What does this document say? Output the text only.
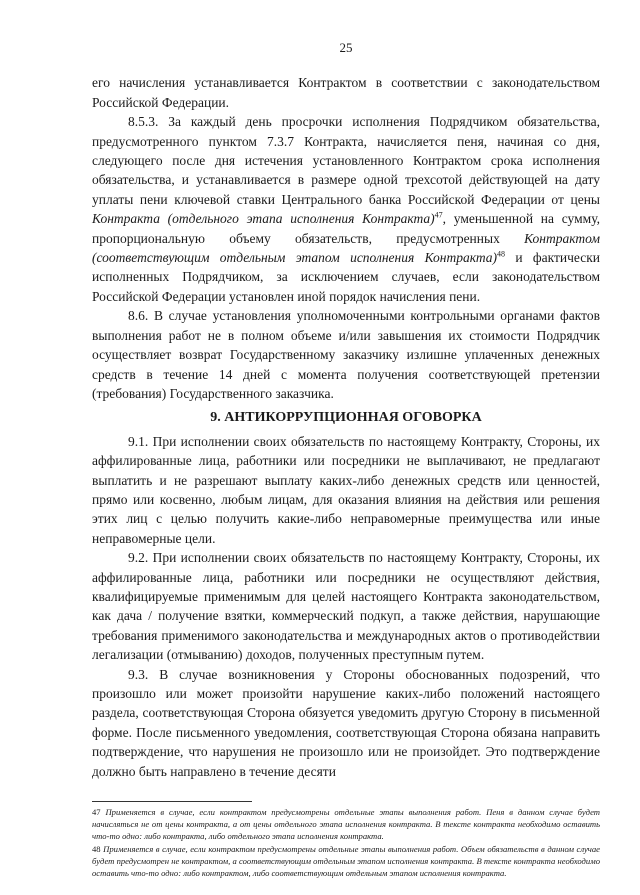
25

его начисления устанавливается Контрактом в соответствии с законодательством Российской Федерации.

8.5.3. За каждый день просрочки исполнения Подрядчиком обязательства, предусмотренного пунктом 7.3.7 Контракта, начисляется пеня, начиная со дня, следующего после дня истечения установленного Контрактом срока исполнения обязательства, и устанавливается в размере одной трехсотой действующей на дату уплаты пени ключевой ставки Центрального банка Российской Федерации от цены Контракта (отдельного этапа исполнения Контракта)$^{47}$, уменьшенной на сумму, пропорциональную объему обязательств, предусмотренных Контрактом (соответствующим отдельным этапом исполнения Контракта)$^{48}$ и фактически исполненных Подрядчиком, за исключением случаев, если законодательством Российской Федерации установлен иной порядок начисления пени.

8.6. В случае установления уполномоченными контрольными органами фактов выполнения работ не в полном объеме и/или завышения их стоимости Подрядчик осуществляет возврат Государственному заказчику излишне уплаченных денежных средств в течение 14 дней с момента получения соответствующей претензии (требования) Государственного заказчика.

9. АНТИКОРРУПЦИОННАЯ ОГОВОРКА

9.1. При исполнении своих обязательств по настоящему Контракту, Стороны, их аффилированные лица, работники или посредники не выплачивают, не предлагают выплатить и не разрешают выплату каких-либо денежных средств или ценностей, прямо или косвенно, любым лицам, для оказания влияния на действия или решения этих лиц с целью получить какие-либо неправомерные преимущества или иные неправомерные цели.

9.2. При исполнении своих обязательств по настоящему Контракту, Стороны, их аффилированные лица, работники или посредники не осуществляют действия, квалифицируемые применимым для целей настоящего Контракта законодательством, как дача / получение взятки, коммерческий подкуп, а также действия, нарушающие требования применимого законодательства и международных актов о противодействии легализации (отмыванию) доходов, полученных преступным путем.

9.3. В случае возникновения у Стороны обоснованных подозрений, что произошло или может произойти нарушение каких-либо положений настоящего раздела, соответствующая Сторона обязуется уведомить другую Сторону в письменной форме. После письменного уведомления, соответствующая Сторона обязана направить подтверждение, что нарушения не произошло или не произойдет. Это подтверждение должно быть направлено в течение десяти

47 Применяется в случае, если контрактом предусмотрены отдельные этапы выполнения работ. Пеня в данном случае будет начисляться не от цены контракта, а от цены отдельного этапа исполнения контракта. В тексте контракта необходимо оставить что-то одно: либо контракта, либо отдельного этапа исполнения контракта.

48 Применяется в случае, если контрактом предусмотрены отдельные этапы выполнения работ. Объем обязательств в данном случае будет предусмотрен не контрактом, а соответствующим отдельным этапом исполнения контракта. В тексте контракта необходимо оставить что-то одно: либо контрактом, либо соответствующим отдельным этапом исполнения контракта.
